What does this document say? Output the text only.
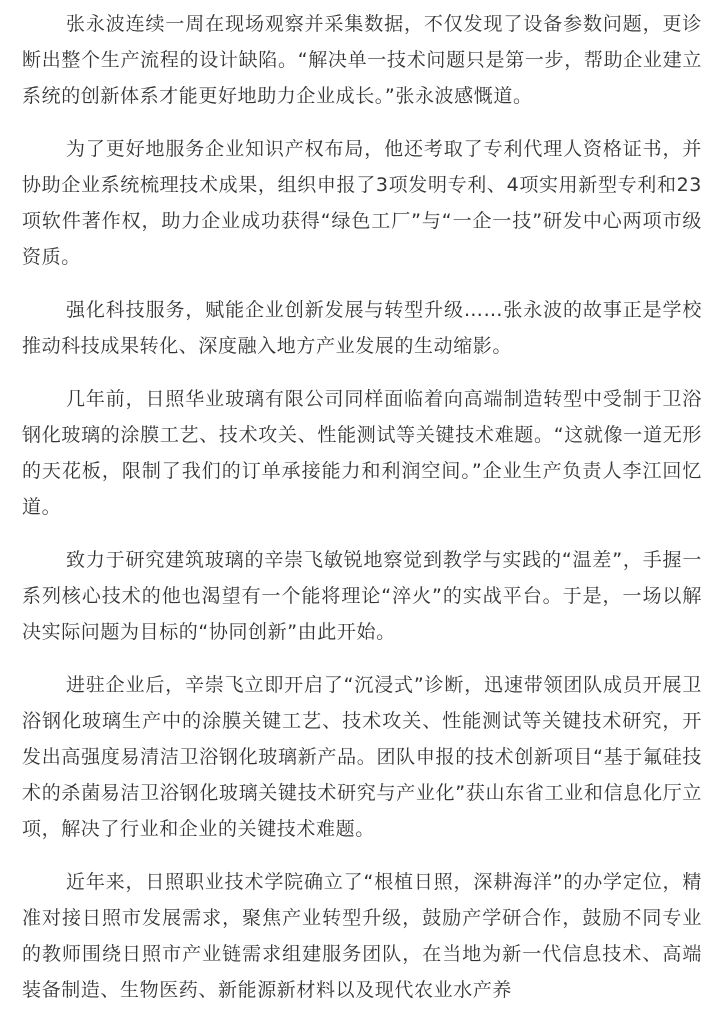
张永波连续一周在现场观察并采集数据，不仅发现了设备参数问题，更诊断出整个生产流程的设计缺陷。“解决单一技术问题只是第一步，帮助企业建立系统的创新体系才能更好地助力企业成长。”张永波感慨道。

为了更好地服务企业知识产权布局，他还考取了专利代理人资格证书，并协助企业系统梳理技术成果，组织申报了3项发明专利、4项实用新型专利和23项软件著作权，助力企业成功获得“绿色工厂”与“一企一技”研发中心两项市级资质。

强化科技服务，赋能企业创新发展与转型升级……张永波的故事正是学校推动科技成果转化、深度融入地方产业发展的生动缩影。

几年前，日照华业玻璃有限公司同样面临着向高端制造转型中受制于卫浴钢化玻璃的涂膜工艺、技术攻关、性能测试等关键技术难题。“这就像一道无形的天花板，限制了我们的订单承接能力和利润空间。”企业生产负责人李江回忆道。

致力于研究建筑玻璃的辛崇飞敏锐地察觉到教学与实践的“温差”，手握一系列核心技术的他也渴望有一个能将理论“淬火”的实战平台。于是，一场以解决实际问题为目标的“协同创新”由此开始。

进驻企业后，辛崇飞立即开启了“沉浸式”诊断，迅速带领团队成员开展卫浴钢化玻璃生产中的涂膜关键工艺、技术攻关、性能测试等关键技术研究，开发出高强度易清洁卫浴钢化玻璃新产品。团队申报的技术创新项目“基于氟硅技术的杀菌易洁卫浴钢化玻璃关键技术研究与产业化”获山东省工业和信息化厅立项，解决了行业和企业的关键技术难题。

近年来，日照职业技术学院确立了“根植日照，深耕海洋”的办学定位，精准对接日照市发展需求，聚焦产业转型升级，鼓励产学研合作，鼓励不同专业的教师围绕日照市产业链需求组建服务团队，在当地为新一代信息技术、高端装备制造、生物医药、新能源新材料以及现代农业水产养
